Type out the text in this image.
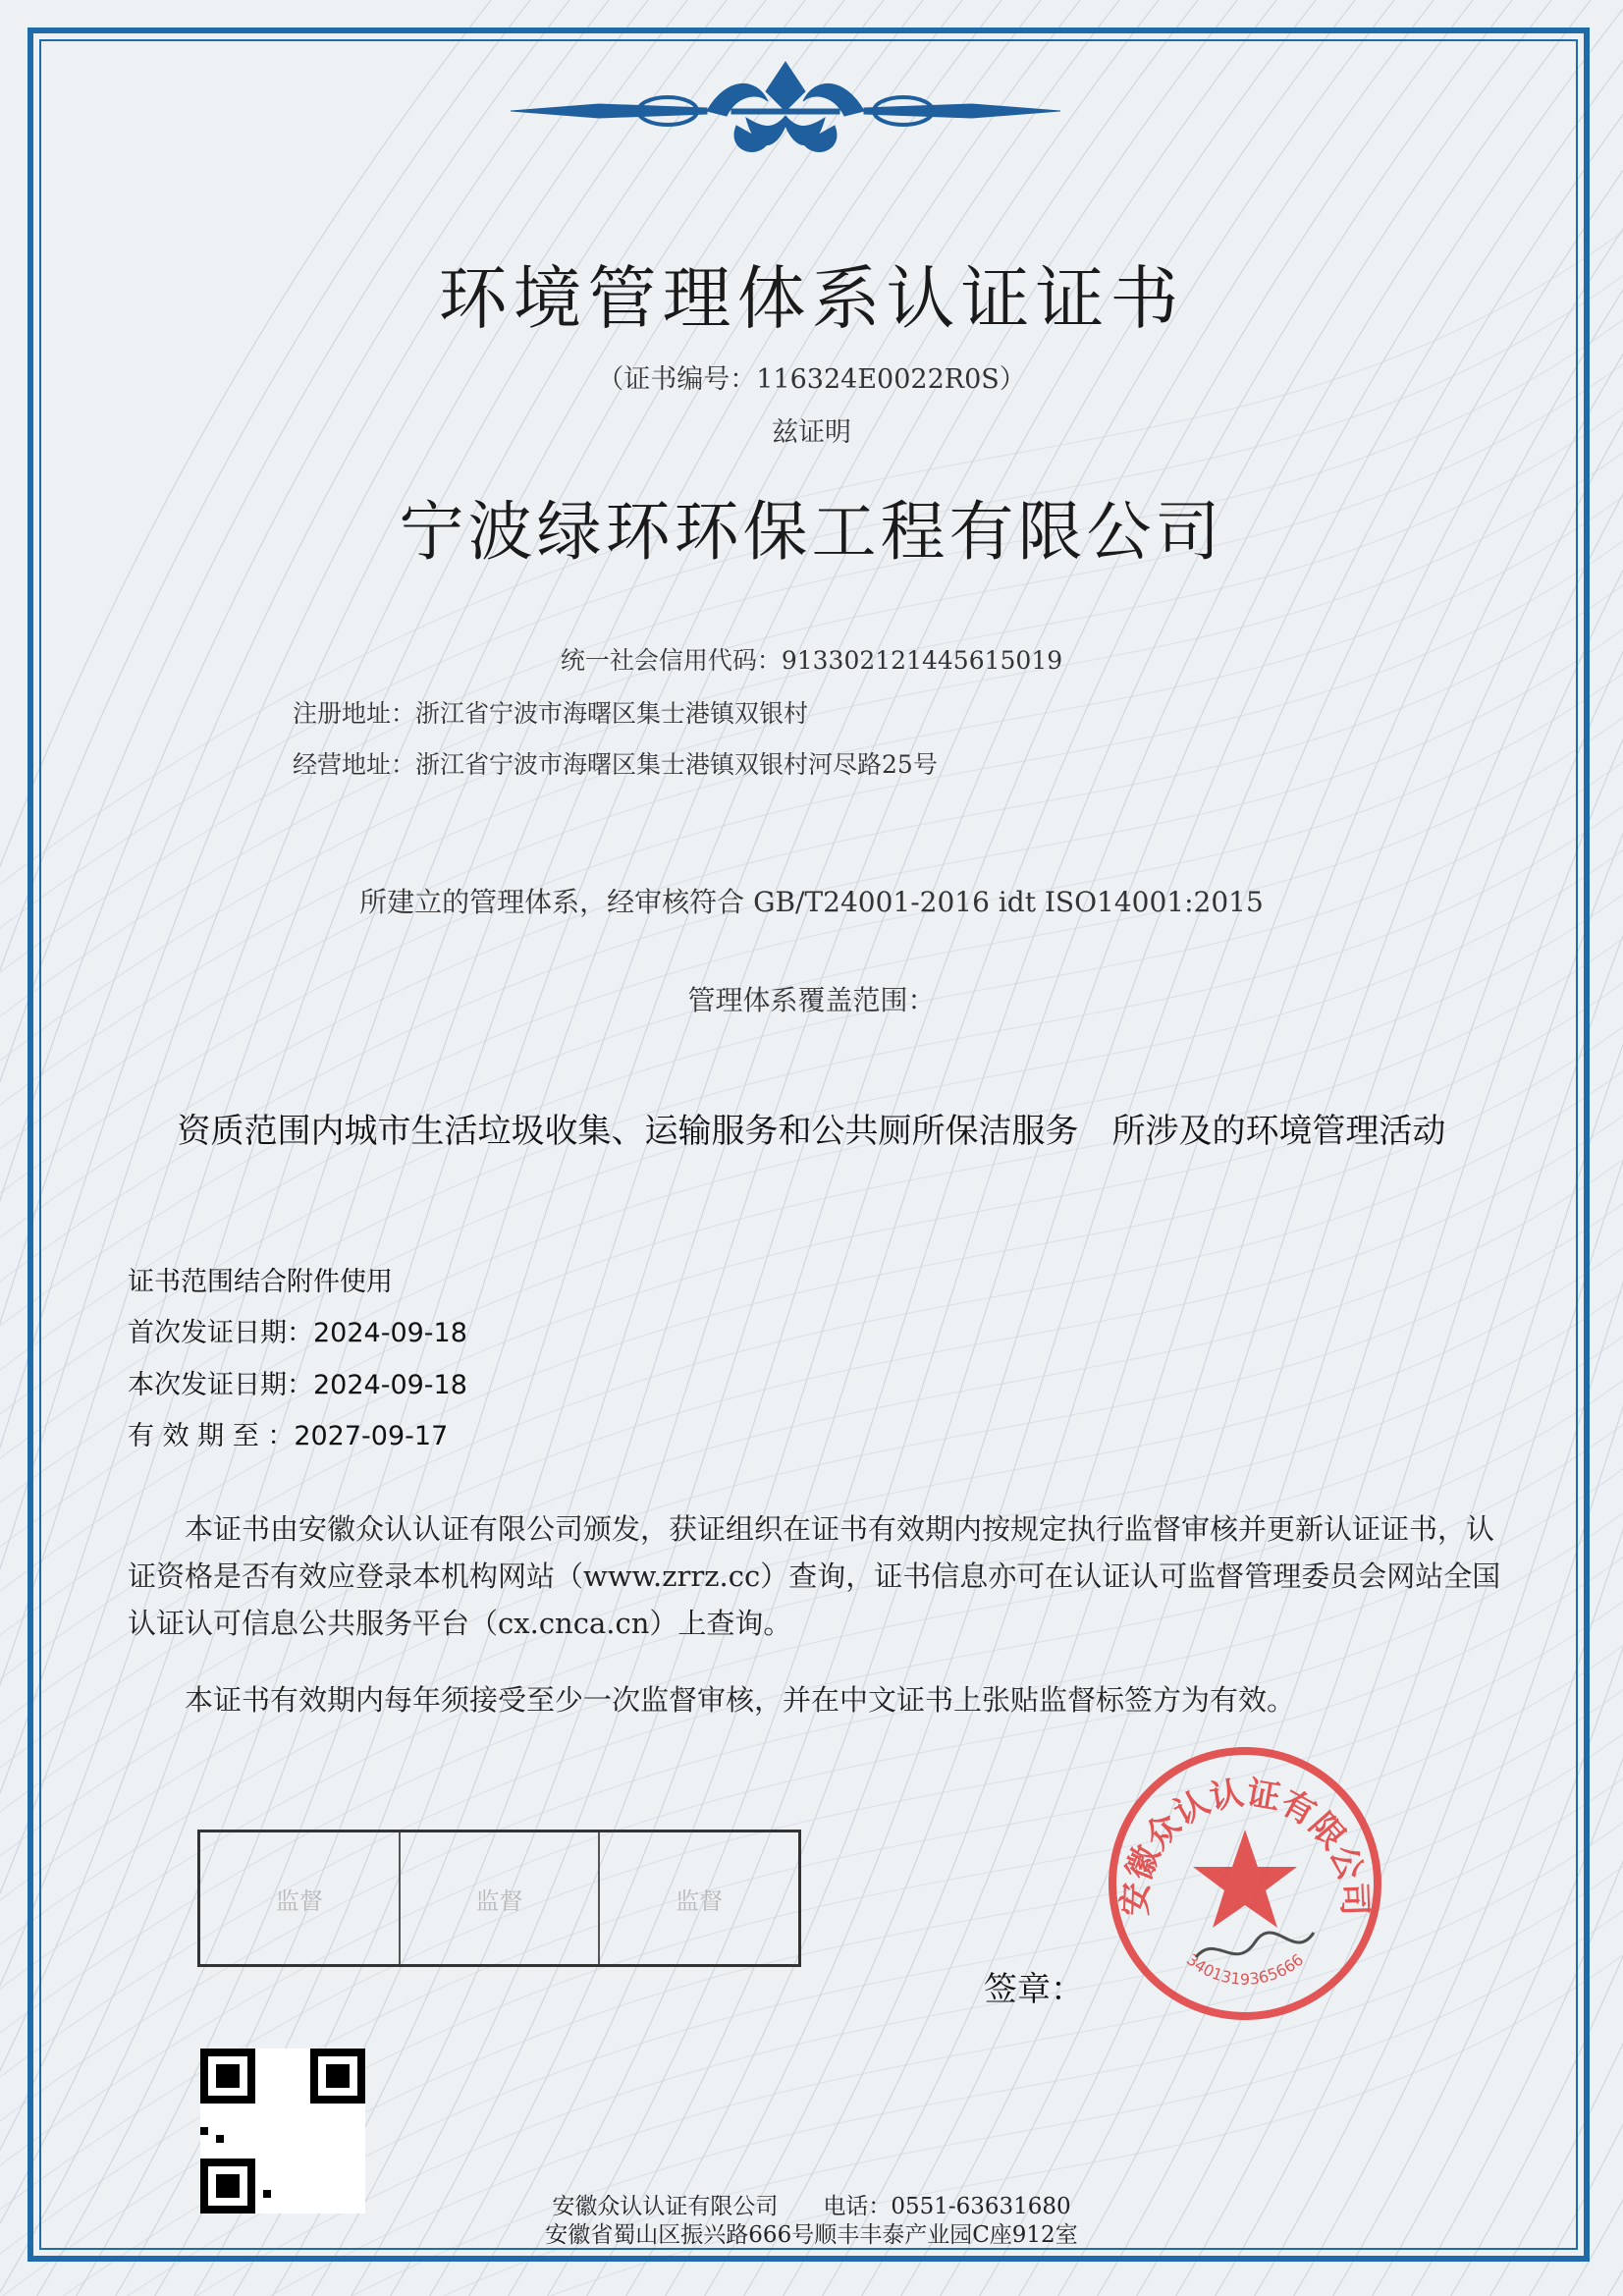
环境管理体系认证证书
（证书编号：116324E0022R0S）
兹证明
宁波绿环环保工程有限公司
统一社会信用代码：913302121445615019
注册地址：浙江省宁波市海曙区集士港镇双银村
经营地址：浙江省宁波市海曙区集士港镇双银村河尽路25号
所建立的管理体系，经审核符合 GB/T24001-2016 idt ISO14001:2015
管理体系覆盖范围：
资质范围内城市生活垃圾收集、运输服务和公共厕所保洁服务　所涉及的环境管理活动
证书范围结合附件使用
首次发证日期：2024-09-18
本次发证日期：2024-09-18
有 效 期 至 ：2027-09-17
　　本证书由安徽众认认证有限公司颁发，获证组织在证书有效期内按规定执行监督审核并更新认证证书，认证资格是否有效应登录本机构网站（www.zrrz.cc）查询，证书信息亦可在认证认可监督管理委员会网站全国认证认可信息公共服务平台（cx.cnca.cn）上查询。
　　本证书有效期内每年须接受至少一次监督审核，并在中文证书上张贴监督标签方为有效。
监督	监督	监督
签章：
安徽众认认证有限公司
3401319365666
安徽众认认证有限公司　　电话：0551-63631680
安徽省蜀山区振兴路666号顺丰丰泰产业园C座912室
